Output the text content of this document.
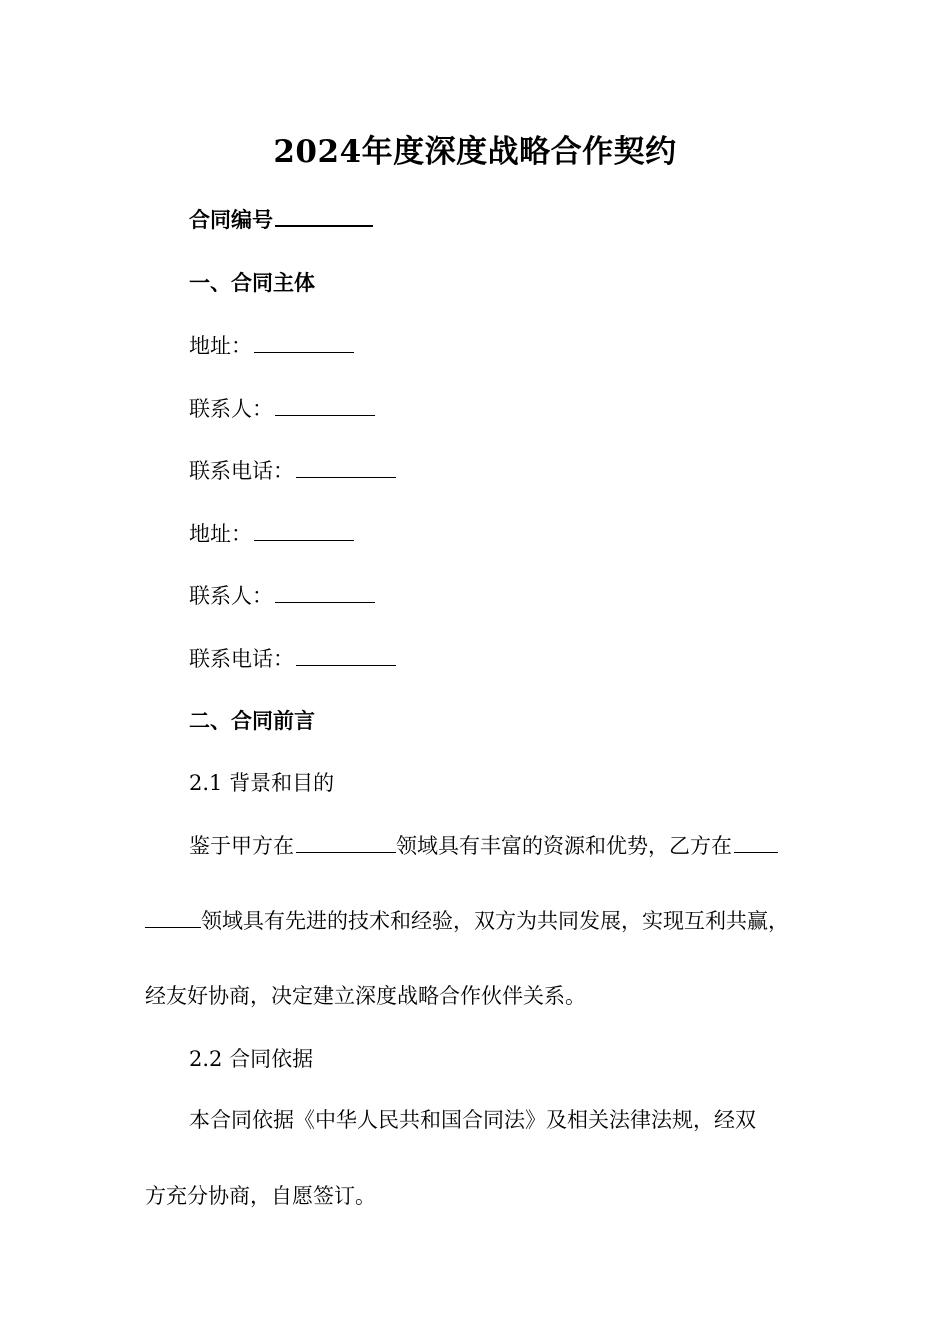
2024年度深度战略合作契约
合同编号
一、合同主体
地址：
联系人：
联系电话：
地址：
联系人：
联系电话：
二、合同前言
2.1 背景和目的
鉴于甲方在	领域具有丰富的资源和优势，乙方在
领域具有先进的技术和经验，双方为共同发展，实现互利共赢，
经友好协商，决定建立深度战略合作伙伴关系。
2.2 合同依据
本合同依据《中华人民共和国合同法》及相关法律法规，经双
方充分协商，自愿签订。
